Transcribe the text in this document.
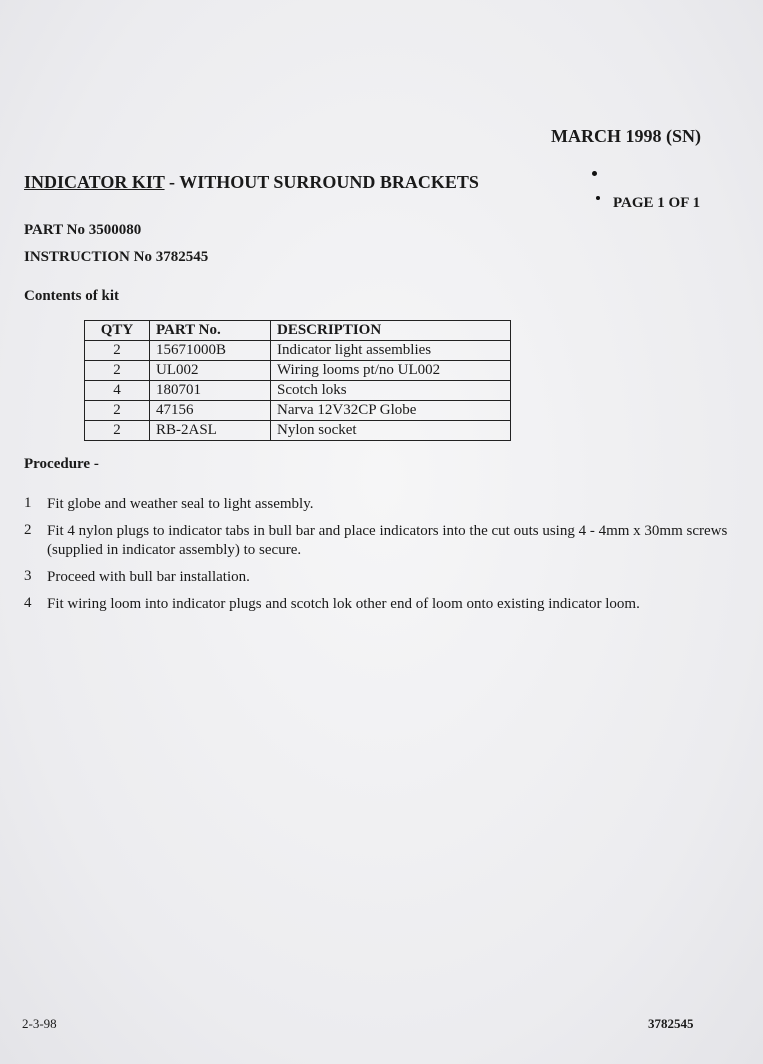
MARCH 1998 (SN)
INDICATOR KIT - WITHOUT SURROUND BRACKETS
PAGE 1 OF 1
PART No 3500080
INSTRUCTION No 3782545
Contents of kit
QTY	PART No.	DESCRIPTION
2	15671000B	Indicator light assemblies
2	UL002	Wiring looms pt/no UL002
4	180701	Scotch loks
2	47156	Narva 12V32CP Globe
2	RB-2ASL	Nylon socket
Procedure -
1 Fit globe and weather seal to light assembly.
2 Fit 4 nylon plugs to indicator tabs in bull bar and place indicators into the cut outs using 4 - 4mm x 30mm screws (supplied in indicator assembly) to secure.
3 Proceed with bull bar installation.
4 Fit wiring loom into indicator plugs and scotch lok other end of loom onto existing indicator loom.
2-3-98	3782545
